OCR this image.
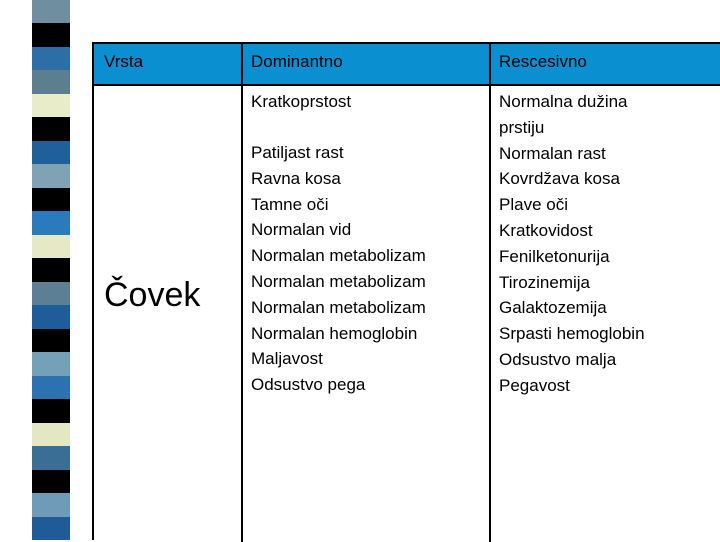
Vrsta	Dominantno	Rescesivno
Čovek
Kratkoprstost
Patiljast rast
Ravna kosa
Tamne oči
Normalan vid
Normalan metabolizam
Normalan metabolizam
Normalan metabolizam
Normalan hemoglobin
Maljavost
Odsustvo pega
Normalna dužina
prstiju
Normalan rast
Kovrdžava kosa
Plave oči
Kratkovidost
Fenilketonurija
Tirozinemija
Galaktozemija
Srpasti hemoglobin
Odsustvo malja
Pegavost
